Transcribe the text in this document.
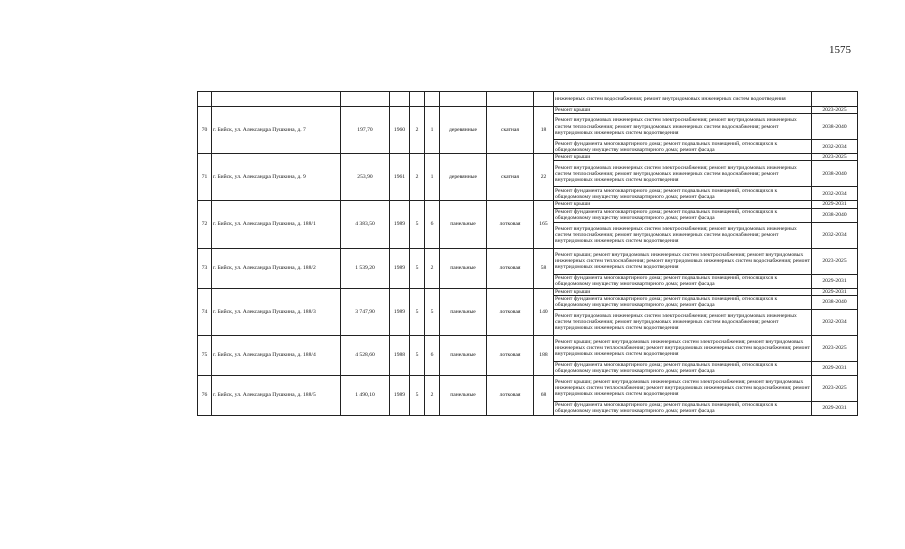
1575
									инженерных систем водоснабжения; ремонт внутридомовых инженерных систем водоотведения	
70	г. Бийск, ул. Александра Пушкина, д. 7	197,70	1960	2	1	деревянные	скатная	18	Ремонт крыши	2023-2025
									Ремонт внутридомовых инженерных систем электроснабжения; ремонт внутридомовых инженерных систем теплоснабжения; ремонт внутридомовых инженерных систем водоснабжения; ремонт внутридомовых инженерных систем водоотведения	2038-2040
									Ремонт фундамента многоквартирного дома; ремонт подвальных помещений, относящихся к общедомовому имуществу многоквартирного дома; ремонт фасада	2032-2034
71	г. Бийск, ул. Александра Пушкина, д. 9	253,90	1961	2	1	деревянные	скатная	22	Ремонт крыши	2023-2025
									Ремонт внутридомовых инженерных систем электроснабжения; ремонт внутридомовых инженерных систем теплоснабжения; ремонт внутридомовых инженерных систем водоснабжения; ремонт внутридомовых инженерных систем водоотведения	2038-2040
									Ремонт фундамента многоквартирного дома; ремонт подвальных помещений, относящихся к общедомовому имуществу многоквартирного дома; ремонт фасада	2032-2034
72	г. Бийск, ул. Александра Пушкина, д. 188/1	4 383,50	1989	5	6	панельные	лотковая	165	Ремонт крыши	2029-2031
									Ремонт фундамента многоквартирного дома; ремонт подвальных помещений, относящихся к общедомовому имуществу многоквартирного дома; ремонт фасада	2038-2040
									Ремонт внутридомовых инженерных систем электроснабжения; ремонт внутридомовых инженерных систем теплоснабжения; ремонт внутридомовых инженерных систем водоснабжения; ремонт внутридомовых инженерных систем водоотведения	2032-2034
73	г. Бийск, ул. Александра Пушкина, д. 188/2	1 539,20	1989	5	2	панельные	лотковая	58	Ремонт крыши; ремонт внутридомовых инженерных систем электроснабжения; ремонт внутридомовых инженерных систем теплоснабжения; ремонт внутридомовых инженерных систем водоснабжения; ремонт внутридомовых инженерных систем водоотведения	2023-2025
									Ремонт фундамента многоквартирного дома; ремонт подвальных помещений, относящихся к общедомовому имуществу многоквартирного дома; ремонт фасада	2029-2031
74	г. Бийск, ул. Александра Пушкина, д. 188/3	3 747,90	1989	5	5	панельные	лотковая	140	Ремонт крыши	2029-2031
									Ремонт фундамента многоквартирного дома; ремонт подвальных помещений, относящихся к общедомовому имуществу многоквартирного дома; ремонт фасада	2038-2040
									Ремонт внутридомовых инженерных систем электроснабжения; ремонт внутридомовых инженерных систем теплоснабжения; ремонт внутридомовых инженерных систем водоснабжения; ремонт внутридомовых инженерных систем водоотведения	2032-2034
75	г. Бийск, ул. Александра Пушкина, д. 188/4	4 528,60	1988	5	6	панельные	лотковая	188	Ремонт крыши; ремонт внутридомовых инженерных систем электроснабжения; ремонт внутридомовых инженерных систем теплоснабжения; ремонт внутридомовых инженерных систем водоснабжения; ремонт внутридомовых инженерных систем водоотведения	2023-2025
									Ремонт фундамента многоквартирного дома; ремонт подвальных помещений, относящихся к общедомовому имуществу многоквартирного дома; ремонт фасада	2029-2031
76	г. Бийск, ул. Александра Пушкина, д. 188/5	1 490,10	1989	5	2	панельные	лотковая	68	Ремонт крыши; ремонт внутридомовых инженерных систем электроснабжения; ремонт внутридомовых инженерных систем теплоснабжения; ремонт внутридомовых инженерных систем водоснабжения; ремонт внутридомовых инженерных систем водоотведения	2023-2025
									Ремонт фундамента многоквартирного дома; ремонт подвальных помещений, относящихся к общедомовому имуществу многоквартирного дома; ремонт фасада	2029-2031
